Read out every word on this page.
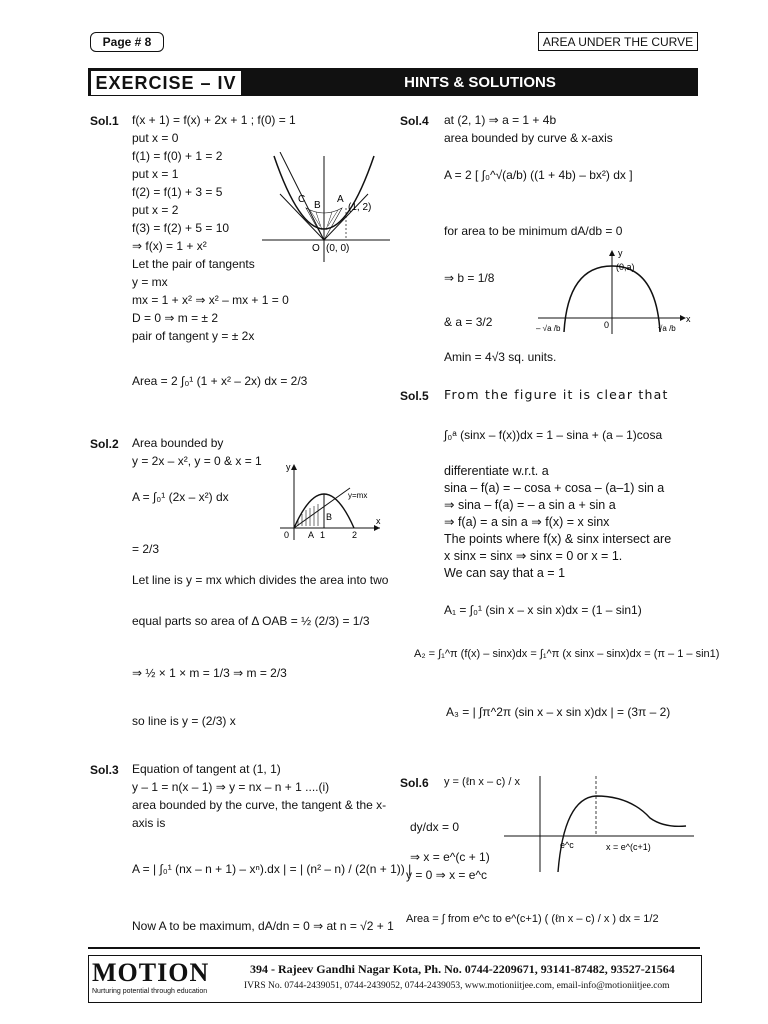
Page # 8	AREA UNDER THE CURVE
EXERCISE – IV	HINTS & SOLUTIONS
Sol.1 f(x + 1) = f(x) + 2x + 1 ; f(0) = 1
put x = 0
f(1) = f(0) + 1 = 2
put x = 1
f(2) = f(1) + 3 = 5
put x = 2
f(3) = f(2) + 5 = 10
⇒ f(x) = 1 + x²
Let the pair of tangents
y = mx
mx = 1 + x² ⇒ x² – mx + 1 = 0
D = 0 ⇒ m = ± 2
pair of tangent y = ± 2x
Area = 2 ∫₀¹ (1 + x² – 2x) dx = 2/3
C
B
A
(1, 2)
O (0, 0)
Sol.2 Area bounded by
y = 2x – x², y = 0 & x = 1
A = ∫₀¹ (2x – x²) dx
= 2/3
Let line is y = mx which divides the area into two
equal parts so area of Δ OAB = ½ (2/3) = 1/3
⇒ ½ × 1 × m = 1/3 ⇒ m = 2/3
so line is y = (2/3) x
y
x
y=mx
B
0 A 1	2
Sol.3 Equation of tangent at (1, 1)
y – 1 = n(x – 1) ⇒ y = nx – n + 1 ....(i)
area bounded by the curve, the tangent & the x-
axis is
A = | ∫₀¹ (nx – n + 1) – xⁿ).dx | = | (n² – n) / (2(n + 1)) |
Now A to be maximum, dA/dn = 0 ⇒ at n = √2 + 1
Sol.4 at (2, 1) ⇒ a = 1 + 4b
area bounded by curve & x-axis
A = 2 [ ∫₀^√(a/b) ((1 + 4b) – bx²) dx ]
for area to be minimum dA/db = 0
⇒ b = 1/8
& a = 3/2
Amin = 4√3 sq. units.
y
(0,a)
x
0
– √a /b	√a /b
Sol.5 From the figure it is clear that
∫₀ᵃ (sinx – f(x))dx = 1 – sina + (a – 1)cosa
differentiate w.r.t. a
sina – f(a) = – cosa + cosa – (a–1) sin a
⇒ sina – f(a) = – a sin a + sin a
⇒ f(a) = a sin a ⇒ f(x) = x sinx
The points where f(x) & sinx intersect are
x sinx = sinx ⇒ sinx = 0 or x = 1.
We can say that a = 1
A₁ = ∫₀¹ (sin x – x sin x)dx = (1 – sin1)
A₂ = ∫₁^π (f(x) – sinx)dx = ∫₁^π (x sinx – sinx)dx = (π – 1 – sin1)
A₃ = | ∫π^2π (sin x – x sin x)dx | = (3π – 2)
Sol.6 y = (ℓn x – c) / x
dy/dx = 0
⇒ x = e^(c + 1)
y = 0 ⇒ x = e^c
Area = ∫ from e^c to e^(c+1) ( (ℓn x – c) / x ) dx = 1/2
e^c	x = e^(c+1)
MOTION
Nurturing potential through education
394 - Rajeev Gandhi Nagar Kota, Ph. No. 0744-2209671, 93141-87482, 93527-21564
IVRS No. 0744-2439051, 0744-2439052, 0744-2439053, www.motioniitjee.com, email-info@motioniitjee.com
